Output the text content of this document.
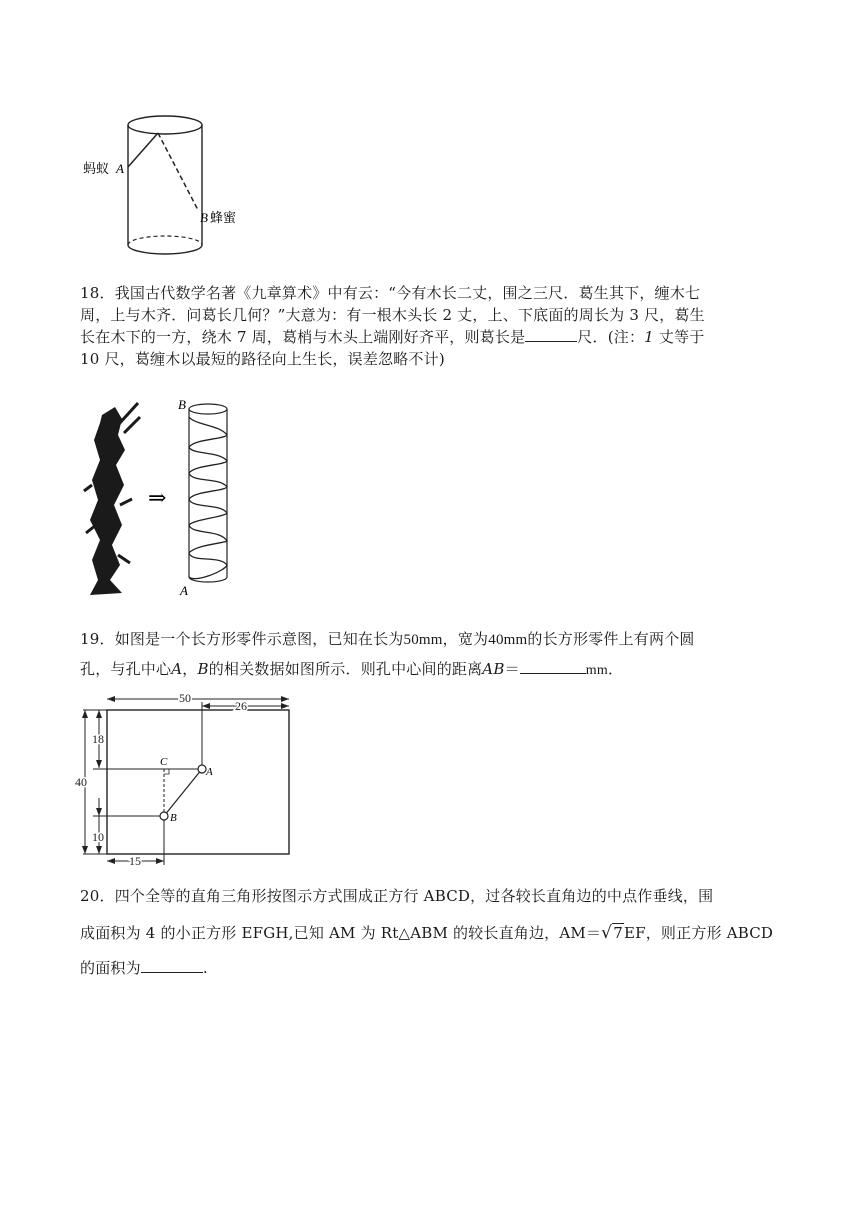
蚂蚁 A
B 蜂蜜
18．我国古代数学名著《九章算术》中有云：“今有木长二丈，围之三尺．葛生其下，缠木七
周，上与木齐．问葛长几何？”大意为：有一根木头长 2 丈，上、下底面的周长为 3 尺，葛生
长在木下的一方，绕木 7 周，葛梢与木头上端刚好齐平，则葛长是	尺．(注：1 丈等于
10 尺，葛缠木以最短的路径向上生长，误差忽略不计)
⇒
B
A
19．如图是一个长方形零件示意图，已知在长为50mm，宽为40mm的长方形零件上有两个圆
孔，与孔中心A，B的相关数据如图所示．则孔中心间的距离AB＝	mm．
50
26
40
18
10
15
C
A
B
20．四个全等的直角三角形按图示方式围成正方行 ABCD，过各较长直角边的中点作垂线，围
成面积为 4 的小正方形 EFGH,已知 AM 为 Rt△ABM 的较长直角边，AM＝√7EF，则正方形 ABCD
的面积为	.
